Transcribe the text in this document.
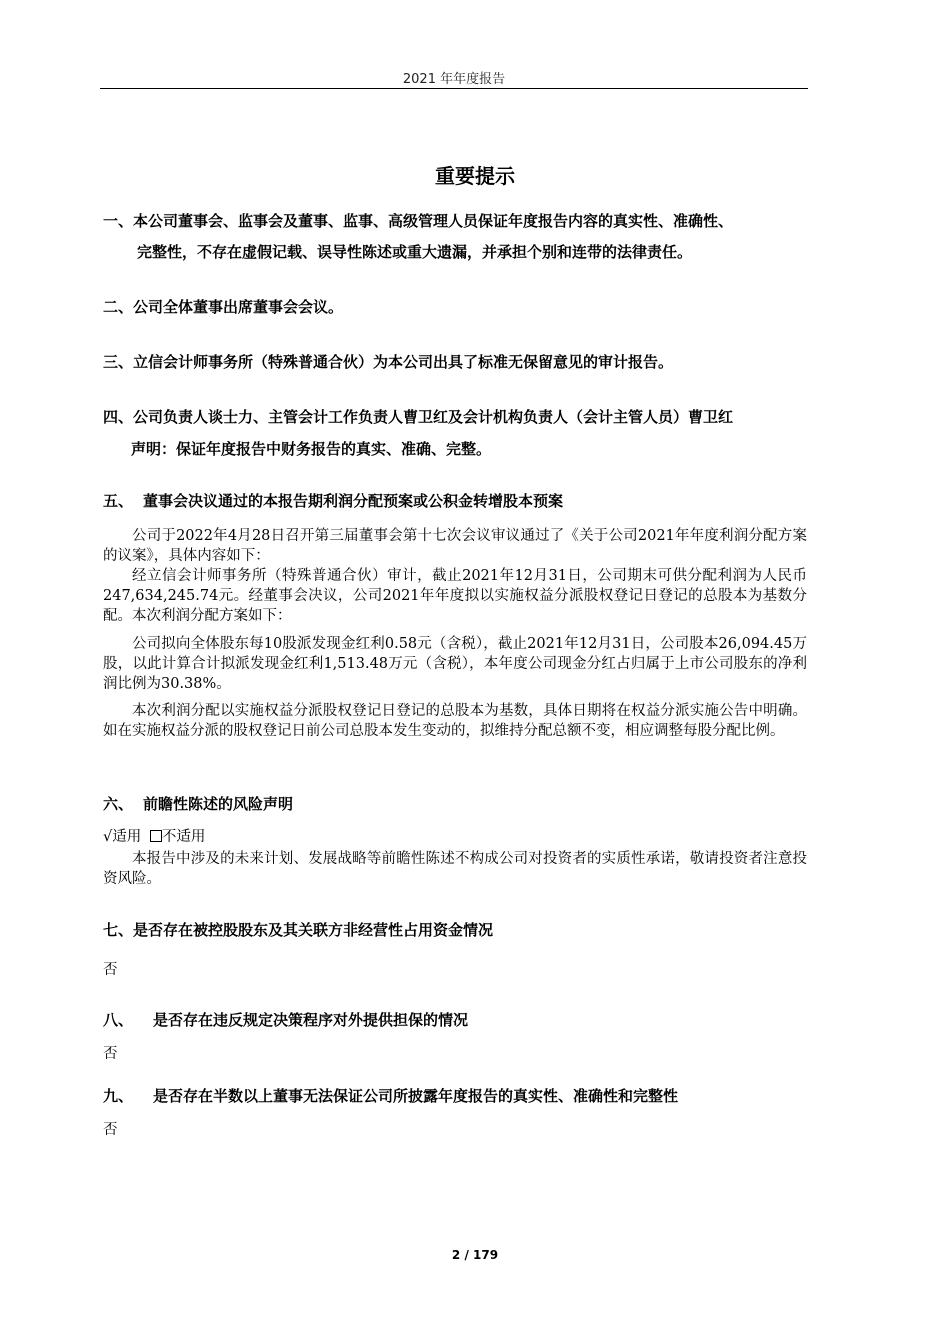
2021 年年度报告
重要提示
一、本公司董事会、监事会及董事、监事、高级管理人员保证年度报告内容的真实性、准确性、
完整性，不存在虚假记载、误导性陈述或重大遗漏，并承担个别和连带的法律责任。
二、公司全体董事出席董事会会议。
三、立信会计师事务所（特殊普通合伙）为本公司出具了标准无保留意见的审计报告。
四、公司负责人谈士力、主管会计工作负责人曹卫红及会计机构负责人（会计主管人员）曹卫红
声明：保证年度报告中财务报告的真实、准确、完整。
五、 董事会决议通过的本报告期利润分配预案或公积金转增股本预案
公司于2022年4月28日召开第三届董事会第十七次会议审议通过了《关于公司2021年年度利润分配方案的议案》，具体内容如下：
经立信会计师事务所（特殊普通合伙）审计，截止2021年12月31日，公司期末可供分配利润为人民币247,634,245.74元。经董事会决议，公司2021年年度拟以实施权益分派股权登记日登记的总股本为基数分配。本次利润分配方案如下：
公司拟向全体股东每10股派发现金红利0.58元（含税），截止2021年12月31日，公司股本26,094.45万股，以此计算合计拟派发现金红利1,513.48万元（含税），本年度公司现金分红占归属于上市公司股东的净利润比例为30.38%。
本次利润分配以实施权益分派股权登记日登记的总股本为基数，具体日期将在权益分派实施公告中明确。如在实施权益分派的股权登记日前公司总股本发生变动的，拟维持分配总额不变，相应调整每股分配比例。
六、 前瞻性陈述的风险声明
√适用 不适用
本报告中涉及的未来计划、发展战略等前瞻性陈述不构成公司对投资者的实质性承诺，敬请投资者注意投资风险。
七、是否存在被控股股东及其关联方非经营性占用资金情况
否
八、 是否存在违反规定决策程序对外提供担保的情况
否
九、 是否存在半数以上董事无法保证公司所披露年度报告的真实性、准确性和完整性
否
2 / 179
